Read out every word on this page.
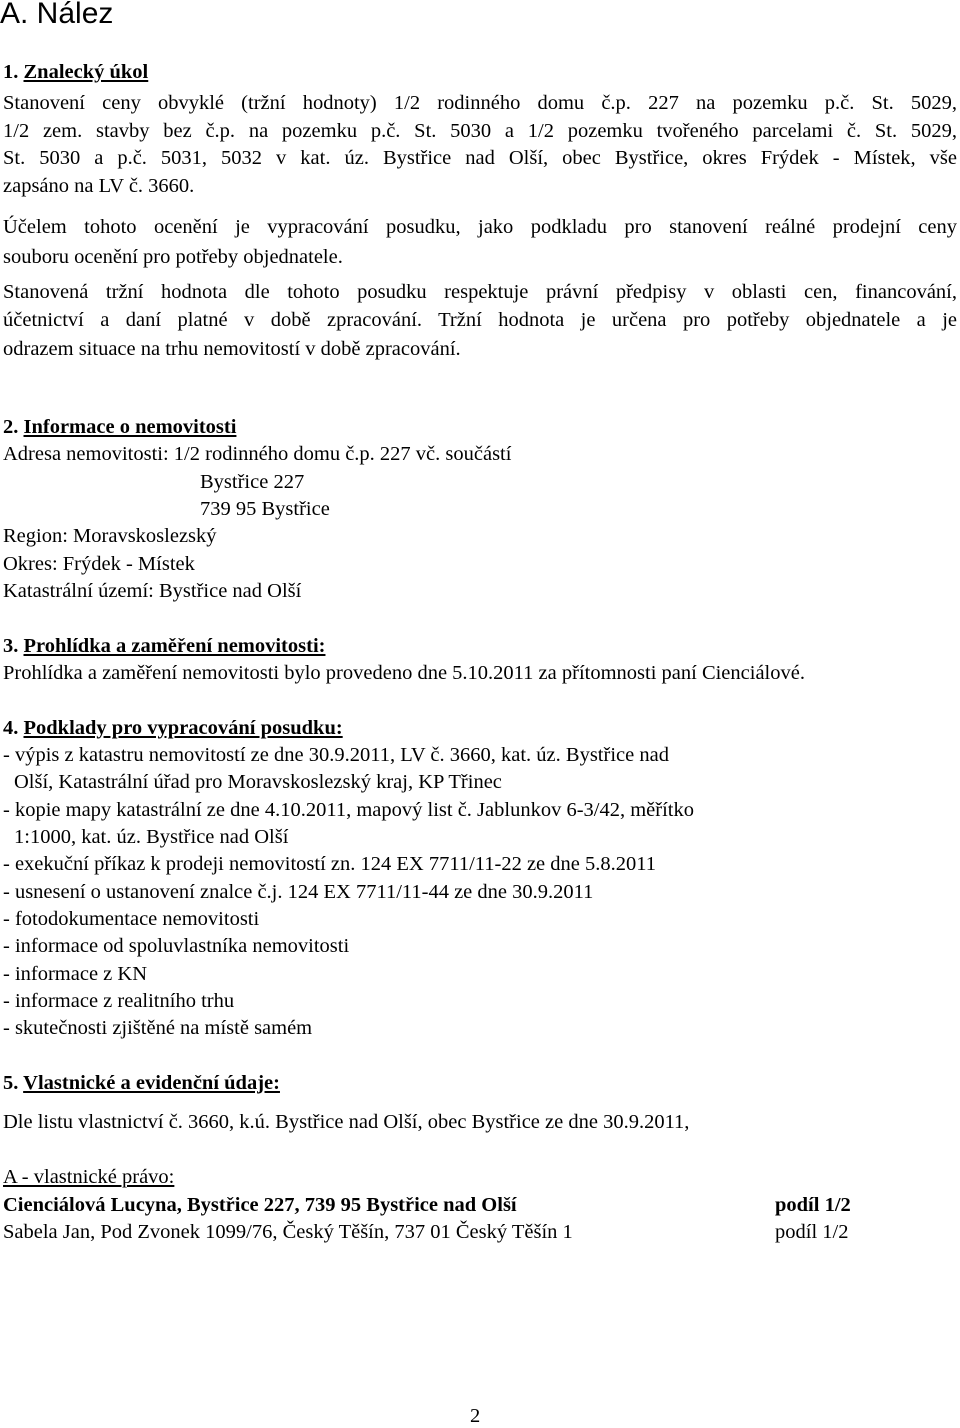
A. Nález
1. Znalecký úkol
Stanovení ceny obvyklé (tržní hodnoty) 1/2 rodinného domu č.p. 227 na pozemku p.č. St. 5029,
1/2 zem. stavby bez č.p. na pozemku p.č. St. 5030 a 1/2 pozemku tvořeného parcelami č. St. 5029,
St. 5030 a p.č. 5031, 5032 v kat. úz. Bystřice nad Olší, obec Bystřice, okres Frýdek - Místek, vše
zapsáno na LV č. 3660.
Účelem tohoto ocenění je vypracování posudku, jako podkladu pro stanovení reálné prodejní ceny
souboru ocenění pro potřeby objednatele.
Stanovená tržní hodnota dle tohoto posudku respektuje právní předpisy v oblasti cen, financování,
účetnictví a daní platné v době zpracování. Tržní hodnota je určena pro potřeby objednatele a je
odrazem situace na trhu nemovitostí v době zpracování.
2. Informace o nemovitosti
Adresa nemovitosti: 1/2 rodinného domu č.p. 227 vč. součástí
Bystřice 227
739 95 Bystřice
Region: Moravskoslezský
Okres: Frýdek - Místek
Katastrální území: Bystřice nad Olší
3. Prohlídka a zaměření nemovitosti:
Prohlídka a zaměření nemovitosti bylo provedeno dne 5.10.2011 za přítomnosti paní Cienciálové.
4. Podklady pro vypracování posudku:
- výpis z katastru nemovitostí ze dne 30.9.2011, LV č. 3660, kat. úz. Bystřice nad
Olší, Katastrální úřad pro Moravskoslezský kraj, KP Třinec
- kopie mapy katastrální ze dne 4.10.2011, mapový list č. Jablunkov 6-3/42, měřítko
1:1000, kat. úz. Bystřice nad Olší
- exekuční příkaz k prodeji nemovitostí zn. 124 EX 7711/11-22 ze dne 5.8.2011
- usnesení o ustanovení znalce č.j. 124 EX 7711/11-44 ze dne 30.9.2011
- fotodokumentace nemovitosti
- informace od spoluvlastníka nemovitosti
- informace z KN
- informace z realitního trhu
- skutečnosti zjištěné na místě samém
5. Vlastnické a evidenční údaje:
Dle listu vlastnictví č. 3660, k.ú. Bystřice nad Olší, obec Bystřice ze dne 30.9.2011,
A - vlastnické právo:
Cienciálová Lucyna, Bystřice 227, 739 95 Bystřice nad Olší	podíl 1/2
Sabela Jan, Pod Zvonek 1099/76, Český Těšín, 737 01 Český Těšín 1	podíl 1/2
2
